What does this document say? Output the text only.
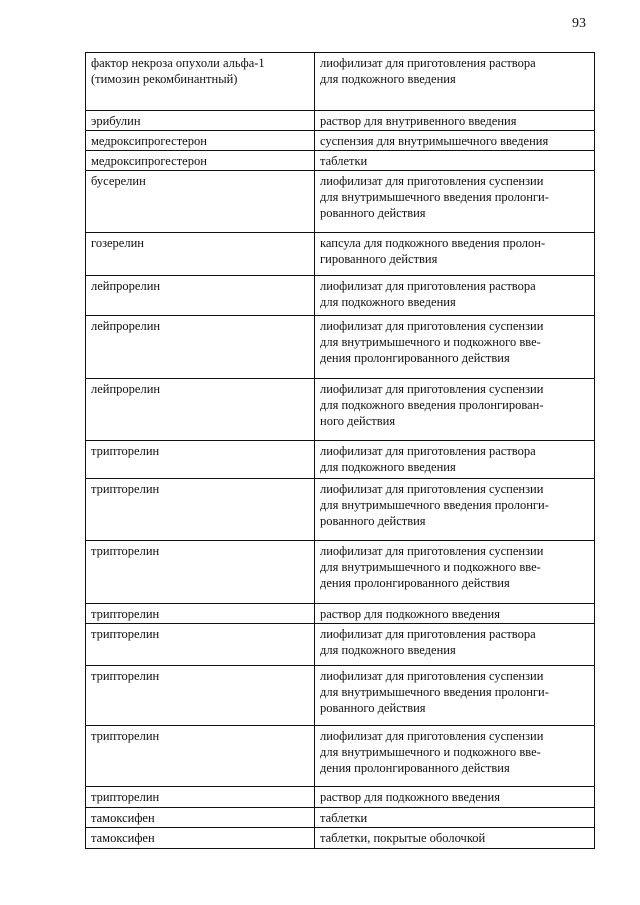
93
фактор некроза опухоли альфа-1
(тимозин рекомбинантный)	лиофилизат для приготовления раствора
для подкожного введения

эрибулин	раствор для внутривенного введения

медроксипрогестерон	суспензия для внутримышечного введения

медроксипрогестерон	таблетки

бусерелин	лиофилизат для приготовления суспензии
для внутримышечного введения пролонги-
рованного действия

гозерелин	капсула для подкожного введения пролон-
гированного действия

лейпрорелин	лиофилизат для приготовления раствора
для подкожного введения

лейпрорелин	лиофилизат для приготовления суспензии
для внутримышечного и подкожного вве-
дения пролонгированного действия

лейпрорелин	лиофилизат для приготовления суспензии
для подкожного введения пролонгирован-
ного действия

трипторелин	лиофилизат для приготовления раствора
для подкожного введения

трипторелин	лиофилизат для приготовления суспензии
для внутримышечного введения пролонги-
рованного действия

трипторелин	лиофилизат для приготовления суспензии
для внутримышечного и подкожного вве-
дения пролонгированного действия

трипторелин	раствор для подкожного введения

трипторелин	лиофилизат для приготовления раствора
для подкожного введения

трипторелин	лиофилизат для приготовления суспензии
для внутримышечного введения пролонги-
рованного действия

трипторелин	лиофилизат для приготовления суспензии
для внутримышечного и подкожного вве-
дения пролонгированного действия

трипторелин	раствор для подкожного введения

тамоксифен	таблетки

тамоксифен	таблетки, покрытые оболочкой
